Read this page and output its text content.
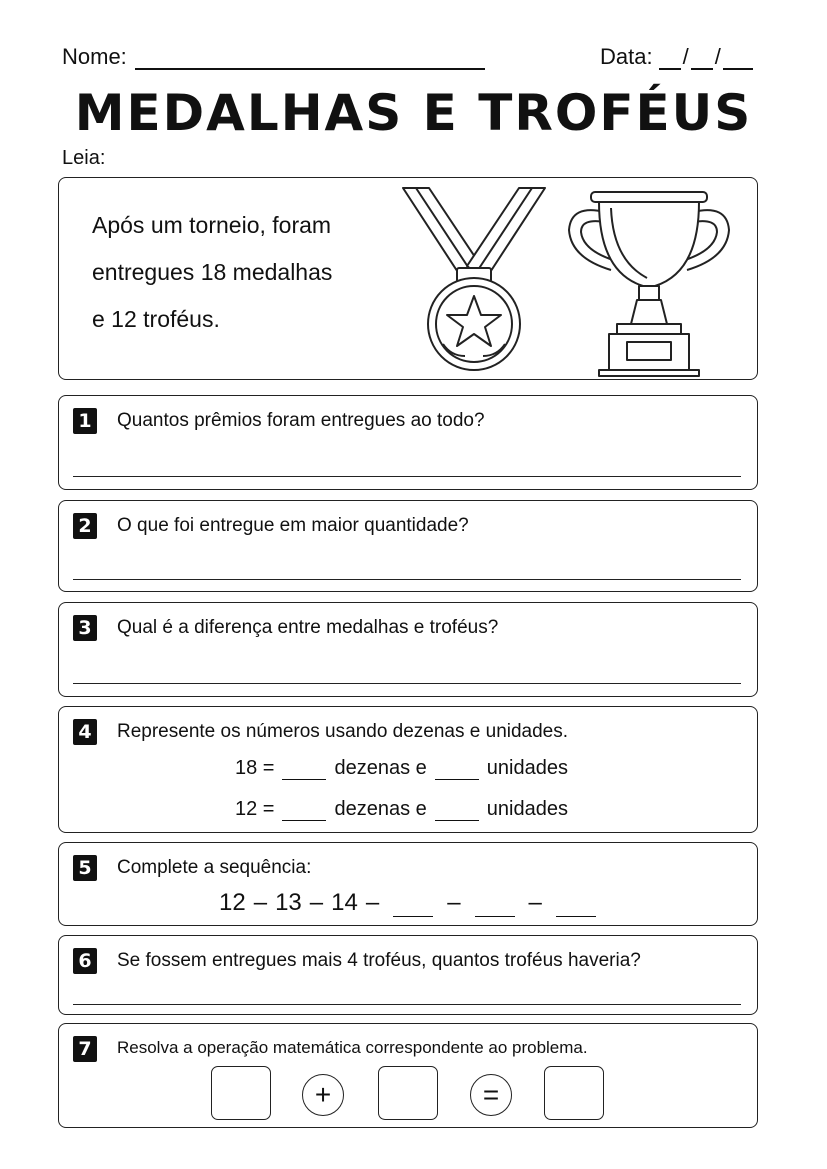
Nome:	Data: / /
MEDALHAS E TROFÉUS
Leia:
Após um torneio, foram
entregues 18 medalhas
e 12 troféus.
1 Quantos prêmios foram entregues ao todo?
2 O que foi entregue em maior quantidade?
3 Qual é a diferença entre medalhas e troféus?
4 Represente os números usando dezenas e unidades.
18 =	dezenas e	unidades
12 =	dezenas e	unidades
5 Complete a sequência:
12 – 13 – 14 –	–	–
6 Se fossem entregues mais 4 troféus, quantos troféus haveria?
7	Resolva a operação matemática correspondente ao problema.
+	=
